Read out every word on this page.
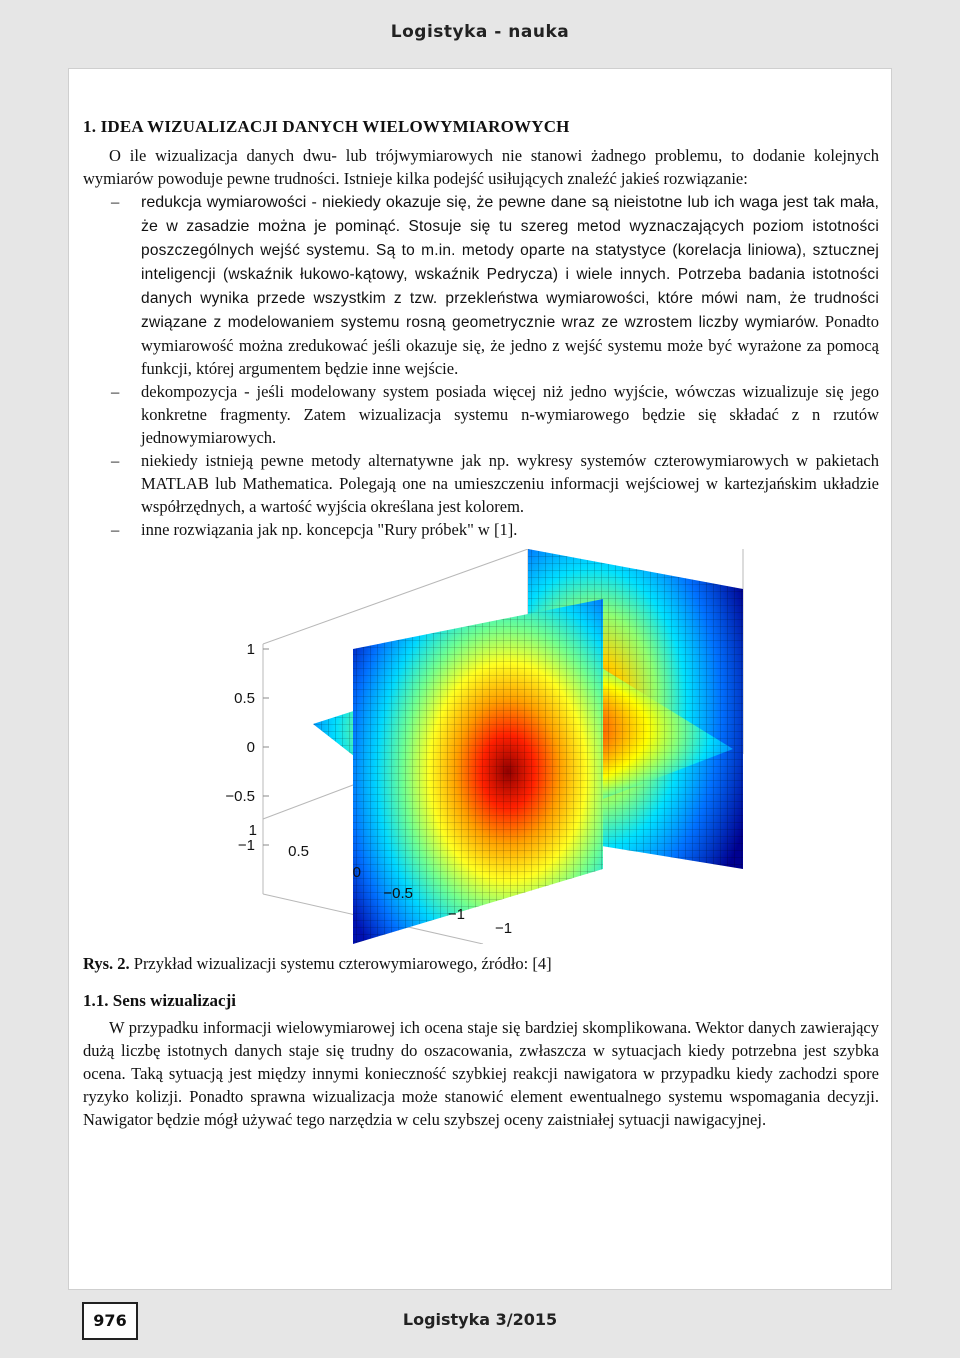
Logistyka - nauka
1. IDEA WIZUALIZACJI DANYCH WIELOWYMIAROWYCH

O ile wizualizacja danych dwu- lub trójwymiarowych nie stanowi żadnego problemu, to dodanie kolejnych wymiarów powoduje pewne trudności. Istnieje kilka podejść usiłujących znaleźć jakieś rozwiązanie:

– redukcja wymiarowości - niekiedy okazuje się, że pewne dane są nieistotne lub ich waga jest tak mała, że w zasadzie można je pominąć. Stosuje się tu szereg metod wyznaczających poziom istotności poszczególnych wejść systemu. Są to m.in. metody oparte na statystyce (korelacja liniowa), sztucznej inteligencji (wskaźnik łukowo-kątowy, wskaźnik Pedrycza) i wiele innych. Potrzeba badania istotności danych wynika przede wszystkim z tzw. przekleństwa wymiarowości, które mówi nam, że trudności związane z modelowaniem systemu rosną geometrycznie wraz ze wzrostem liczby wymiarów. Ponadto wymiarowość można zredukować jeśli okazuje się, że jedno z wejść systemu może być wyrażone za pomocą funkcji, której argumentem będzie inne wejście.
– dekompozycja - jeśli modelowany system posiada więcej niż jedno wyjście, wówczas wizualizuje się jego konkretne fragmenty. Zatem wizualizacja systemu n-wymiarowego będzie się składać z n rzutów jednowymiarowych.
– niekiedy istnieją pewne metody alternatywne jak np. wykresy systemów czterowymiarowych w pakietach MATLAB lub Mathematica. Polegają one na umieszczeniu informacji wejściowej w kartezjańskim układzie współrzędnych, a wartość wyjścia określana jest kolorem.
– inne rozwiązania jak np. koncepcja "Rury próbek" w [1].
1
0.5
0
−0.5
−1
1
0.5
0
−0.5
−1
−1
Rys. 2. Przykład wizualizacji systemu czterowymiarowego, źródło: [4]
1.1. Sens wizualizacji

W przypadku informacji wielowymiarowej ich ocena staje się bardziej skomplikowana. Wektor danych zawierający dużą liczbę istotnych danych staje się trudny do oszacowania, zwłaszcza w sytuacjach kiedy potrzebna jest szybka ocena. Taką sytuacją jest między innymi konieczność szybkiej reakcji nawigatora w przypadku kiedy zachodzi spore ryzyko kolizji. Ponadto sprawna wizualizacja może stanowić element ewentualnego systemu wspomagania decyzji. Nawigator będzie mógł używać tego narzędzia w celu szybszej oceny zaistniałej sytuacji nawigacyjnej.

976	Logistyka 3/2015
